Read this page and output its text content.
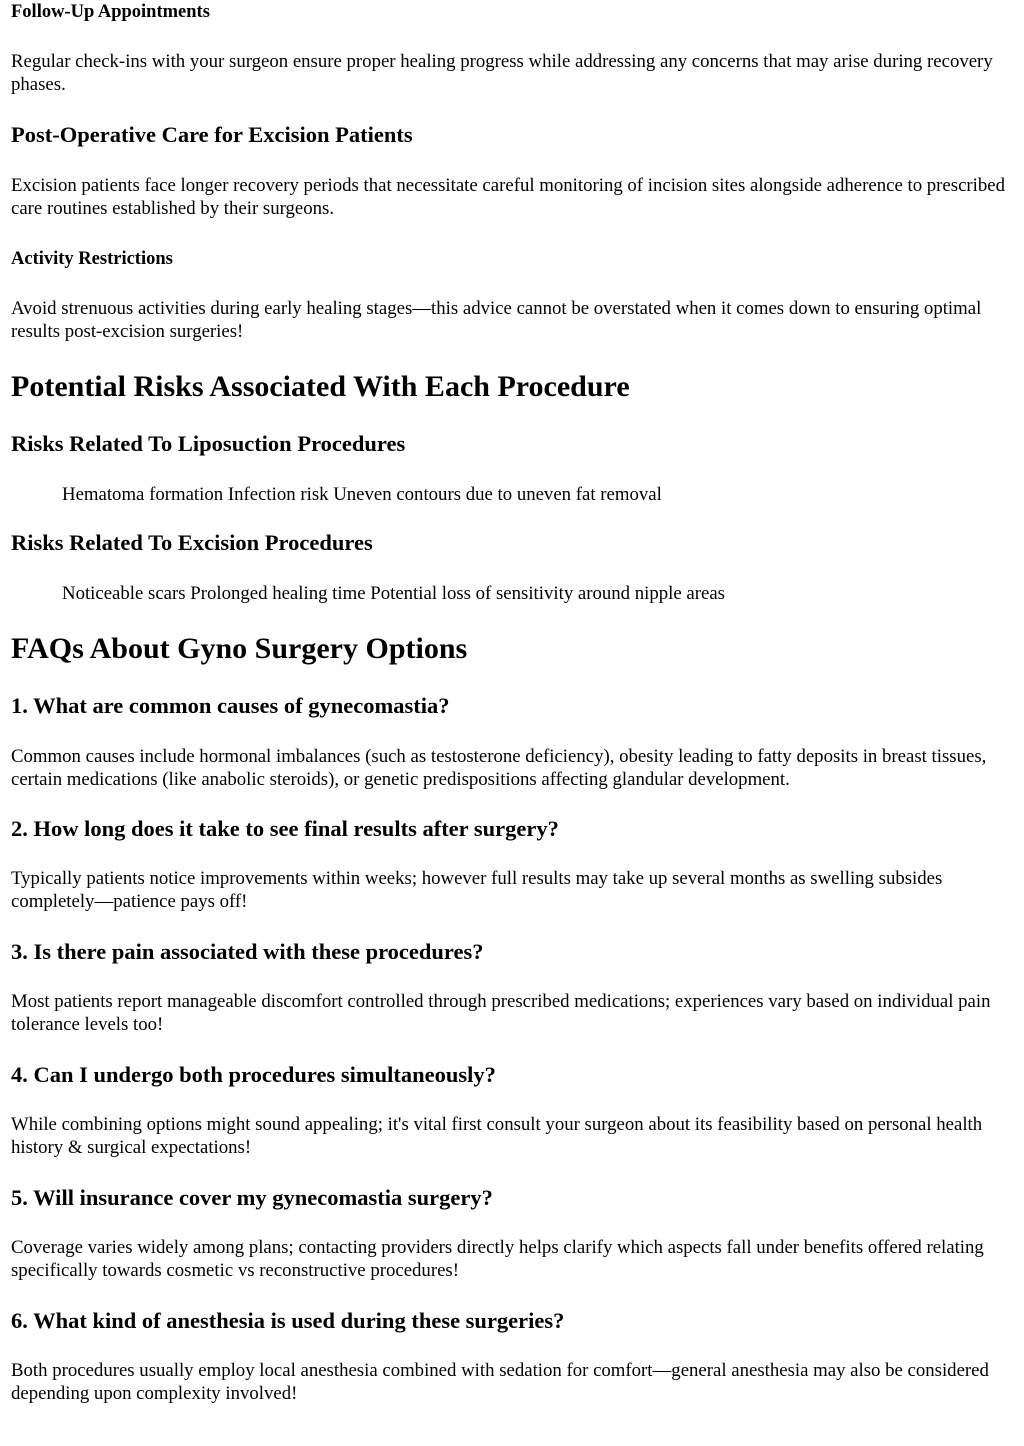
Follow-Up Appointments

Regular check-ins with your surgeon ensure proper healing progress while addressing any concerns that may arise during recovery phases.

Post-Operative Care for Excision Patients

Excision patients face longer recovery periods that necessitate careful monitoring of incision sites alongside adherence to prescribed care routines established by their surgeons.

Activity Restrictions

Avoid strenuous activities during early healing stages—this advice cannot be overstated when it comes down to ensuring optimal results post-excision surgeries!

Potential Risks Associated With Each Procedure
Risks Related To Liposuction Procedures
Hematoma formation Infection risk Uneven contours due to uneven fat removal
Risks Related To Excision Procedures
Noticeable scars Prolonged healing time Potential loss of sensitivity around nipple areas
FAQs About Gyno Surgery Options
1. What are common causes of gynecomastia?

Common causes include hormonal imbalances (such as testosterone deficiency), obesity leading to fatty deposits in breast tissues, certain medications (like anabolic steroids), or genetic predispositions affecting glandular development.

2. How long does it take to see final results after surgery?

Typically patients notice improvements within weeks; however full results may take up several months as swelling subsides completely—patience pays off!

3. Is there pain associated with these procedures?

Most patients report manageable discomfort controlled through prescribed medications; experiences vary based on individual pain tolerance levels too!

4. Can I undergo both procedures simultaneously?

While combining options might sound appealing; it's vital first consult your surgeon about its feasibility based on personal health history & surgical expectations!

5. Will insurance cover my gynecomastia surgery?

Coverage varies widely among plans; contacting providers directly helps clarify which aspects fall under benefits offered relating specifically towards cosmetic vs reconstructive procedures!

6. What kind of anesthesia is used during these surgeries?

Both procedures usually employ local anesthesia combined with sedation for comfort—general anesthesia may also be considered depending upon complexity involved!
